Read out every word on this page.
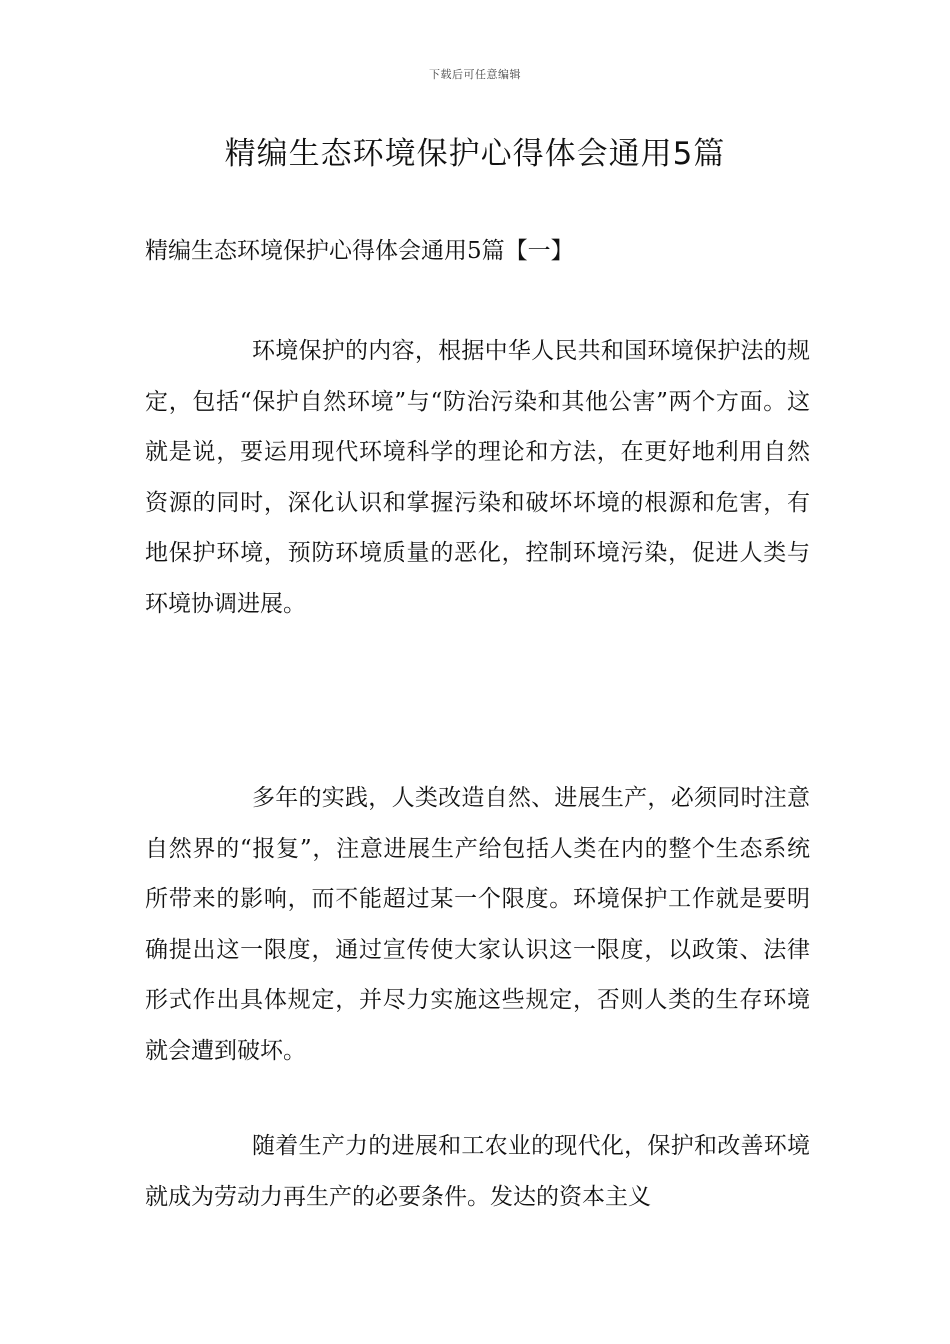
下载后可任意编辑
精编生态环境保护心得体会通用5篇
精编生态环境保护心得体会通用5篇【一】

环境保护的内容，根据中华人民共和国环境保护法的规定，包括“保护自然环境”与“防治污染和其他公害”两个方面。这就是说，要运用现代环境科学的理论和方法，在更好地利用自然资源的同时，深化认识和掌握污染和破坏坏境的根源和危害，有地保护环境，预防环境质量的恶化，控制环境污染，促进人类与环境协调进展。

多年的实践，人类改造自然、进展生产，必须同时注意自然界的“报复”，注意进展生产给包括人类在内的整个生态系统所带来的影响，而不能超过某一个限度。环境保护工作就是要明确提出这一限度，通过宣传使大家认识这一限度，以政策、法律形式作出具体规定，并尽力实施这些规定，否则人类的生存环境就会遭到破坏。

随着生产力的进展和工农业的现代化，保护和改善环境就成为劳动力再生产的必要条件。发达的资本主义
